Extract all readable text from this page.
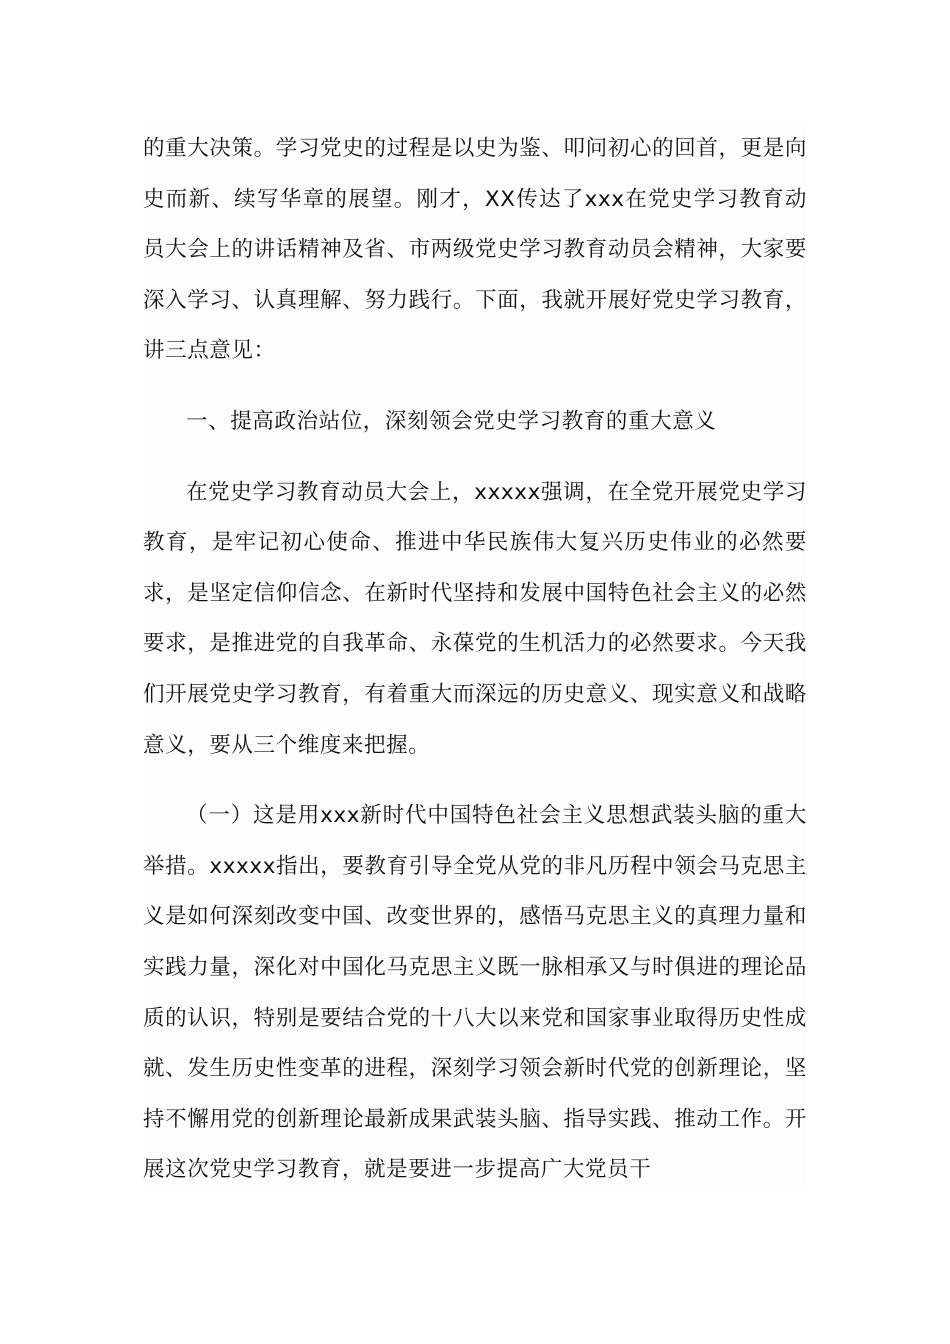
的重大决策。学习党史的过程是以史为鉴、叩问初心的回首，更是向史而新、续写华章的展望。刚才，XX传达了xxx在党史学习教育动员大会上的讲话精神及省、市两级党史学习教育动员会精神，大家要深入学习、认真理解、努力践行。下面，我就开展好党史学习教育，讲三点意见：

一、提高政治站位，深刻领会党史学习教育的重大意义

在党史学习教育动员大会上，xxxxx强调，在全党开展党史学习教育，是牢记初心使命、推进中华民族伟大复兴历史伟业的必然要求，是坚定信仰信念、在新时代坚持和发展中国特色社会主义的必然要求，是推进党的自我革命、永葆党的生机活力的必然要求。今天我们开展党史学习教育，有着重大而深远的历史意义、现实意义和战略意义，要从三个维度来把握。

（一）这是用xxx新时代中国特色社会主义思想武装头脑的重大举措。xxxxx指出，要教育引导全党从党的非凡历程中领会马克思主义是如何深刻改变中国、改变世界的，感悟马克思主义的真理力量和实践力量，深化对中国化马克思主义既一脉相承又与时俱进的理论品质的认识，特别是要结合党的十八大以来党和国家事业取得历史性成就、发生历史性变革的进程，深刻学习领会新时代党的创新理论，坚持不懈用党的创新理论最新成果武装头脑、指导实践、推动工作。开展这次党史学习教育，就是要进一步提高广大党员干
